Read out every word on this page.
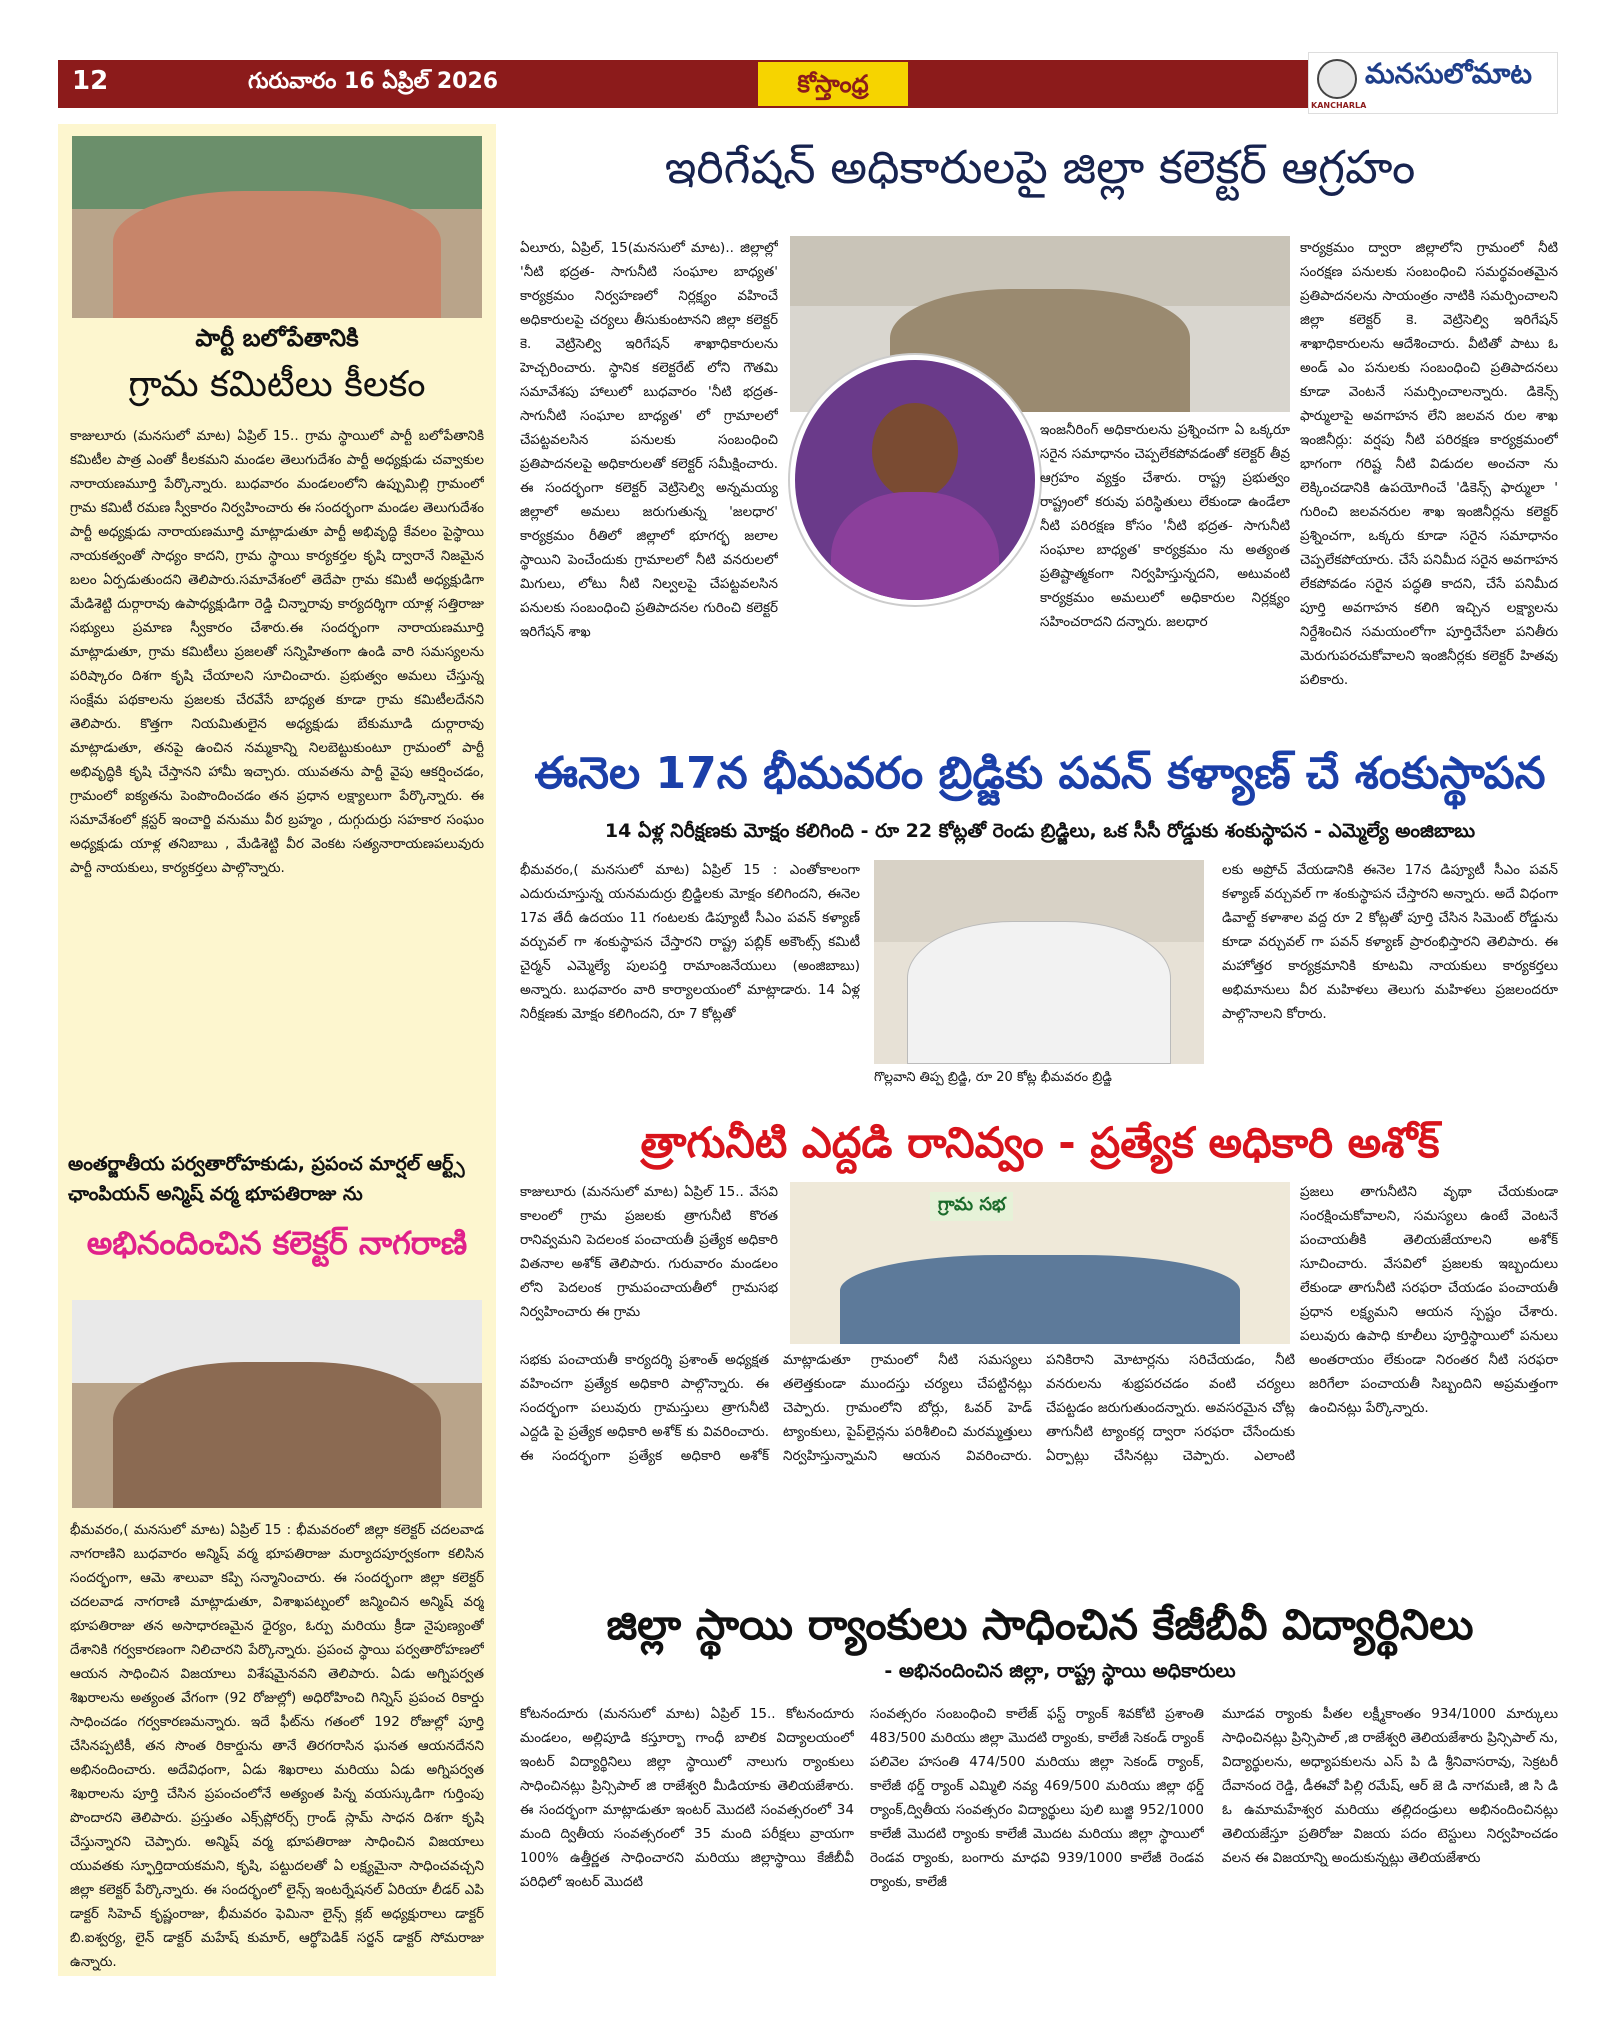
12	గురువారం 16 ఏప్రిల్ 2026	కోస్తాంధ్ర
KANCHARLA
మనసులోమాట
పార్టీ బలోపేతానికి
గ్రామ కమిటీలు కీలకం
కాజులూరు (మనసులో మాట) ఏప్రిల్ 15.. గ్రామ స్థాయిలో పార్టీ బలోపేతానికి కమిటీల పాత్ర ఎంతో కీలకమని మండల తెలుగుదేశం పార్టీ అధ్యక్షుడు చవ్వాకుల నారాయణమూర్తి పేర్కొన్నారు. బుధవారం మండలంలోని ఉప్పుమిల్లి గ్రామంలో గ్రామ కమిటీ రమణ స్వీకారం నిర్వహించారు ఈ సందర్భంగా మండల తెలుగుదేశం పార్టీ అధ్యక్షుడు నారాయణమూర్తి మాట్లాడుతూ పార్టీ అభివృద్ధి కేవలం పైస్థాయి నాయకత్వంతో సాధ్యం కాదని, గ్రామ స్థాయి కార్యకర్తల కృషి ద్వారానే నిజమైన బలం ఏర్పడుతుందని తెలిపారు.సమావేశంలో తెదేపా గ్రామ కమిటీ అధ్యక్షుడిగా మేడిశెట్టి దుర్గారావు ఉపాధ్యక్షుడిగా రెడ్డి చిన్నారావు కార్యదర్శిగా యాళ్ల సత్తిరాజు సభ్యులు ప్రమాణ స్వీకారం చేశారు.ఈ సందర్భంగా నారాయణమూర్తి మాట్లాడుతూ, గ్రామ కమిటీలు ప్రజలతో సన్నిహితంగా ఉండి వారి సమస్యలను పరిష్కారం దిశగా కృషి చేయాలని సూచించారు. ప్రభుత్వం అమలు చేస్తున్న సంక్షేమ పథకాలను ప్రజలకు చేరవేసే బాధ్యత కూడా గ్రామ కమిటీలదేనని తెలిపారు. కొత్తగా నియమితులైన అధ్యక్షుడు బేకుమూడి దుర్గారావు మాట్లాడుతూ, తనపై ఉంచిన నమ్మకాన్ని నిలబెట్టుకుంటూ గ్రామంలో పార్టీ అభివృద్ధికి కృషి చేస్తానని హామీ ఇచ్చారు. యువతను పార్టీ వైపు ఆకర్షించడం, గ్రామంలో ఐక్యతను పెంపొందించడం తన ప్రధాన లక్ష్యాలుగా పేర్కొన్నారు. ఈ సమావేశంలో క్లస్టర్ ఇంచార్జి వనుము వీర బ్రహ్మం , దుగ్గుదుర్రు సహకార సంఘం అధ్యక్షుడు యాళ్ల తనిబాబు , మేడిశెట్టి వీర వెంకట సత్యనారాయణపలువురు పార్టీ నాయకులు, కార్యకర్తలు పాల్గొన్నారు.
అంతర్జాతీయ పర్వతారోహకుడు, ప్రపంచ మార్షల్ ఆర్ట్స్ ఛాంపియన్ అన్మిష్ వర్మ భూపతిరాజు ను
అభినందించిన కలెక్టర్ నాగరాణి
భీమవరం,( మనసులో మాట) ఏప్రిల్ 15 : భీమవరంలో జిల్లా కలెక్టర్ చదలవాడ నాగరాణిని బుధవారం అన్మిష్ వర్మ భూపతిరాజు మర్యాదపూర్వకంగా కలిసిన సందర్భంగా, ఆమె శాలువా కప్పి సన్మానించారు. ఈ సందర్భంగా జిల్లా కలెక్టర్ చదలవాడ నాగరాణి మాట్లాడుతూ, విశాఖపట్నంలో జన్మించిన అన్మిష్ వర్మ భూపతిరాజు తన అసాధారణమైన ధైర్యం, ఓర్పు మరియు క్రీడా నైపుణ్యంతో దేశానికి గర్వకారణంగా నిలిచారని పేర్కొన్నారు. ప్రపంచ స్థాయి పర్వతారోహణలో ఆయన సాధించిన విజయాలు విశేషమైనవని తెలిపారు. ఏడు అగ్నిపర్వత శిఖరాలను అత్యంత వేగంగా (92 రోజుల్లో) అధిరోహించి గిన్నిస్ ప్రపంచ రికార్డు సాధించడం గర్వకారణమన్నారు. ఇదే ఫీట్‌ను గతంలో 192 రోజుల్లో పూర్తి చేసినప్పటికీ, తన సొంత రికార్డును తానే తిరగరాసిన ఘనత ఆయనదేనని అభినందించారు. అదేవిధంగా, ఏడు శిఖరాలు మరియు ఏడు అగ్నిపర్వత శిఖరాలను పూర్తి చేసిన ప్రపంచంలోనే అత్యంత పిన్న వయస్కుడిగా గుర్తింపు పొందారని తెలిపారు. ప్రస్తుతం ఎక్స్‌ప్లోరర్స్ గ్రాండ్ స్లామ్ సాధన దిశగా కృషి చేస్తున్నారని చెప్పారు. అన్మిష్ వర్మ భూపతిరాజు సాధించిన విజయాలు యువతకు స్ఫూర్తిదాయకమని, కృషి, పట్టుదలతో ఏ లక్ష్యమైనా సాధించవచ్చని జిల్లా కలెక్టర్ పేర్కొన్నారు. ఈ సందర్భంలో లైన్స్ ఇంటర్నేషనల్ ఏరియా లీడర్ ఎపి డాక్టర్ సిహెచ్ కృష్ణంరాజు, భీమవరం ఫెమినా లైన్స్ క్లబ్ అధ్యక్షురాలు డాక్టర్ బి.ఐశ్వర్య, లైన్ డాక్టర్ మహేష్ కుమార్, ఆర్థోపెడిక్ సర్జన్ డాక్టర్ సోమరాజు ఉన్నారు.
ఇరిగేషన్ అధికారులపై జిల్లా కలెక్టర్ ఆగ్రహం
ఏలూరు, ఏప్రిల్, 15(మనసులో మాట).. జిల్లాల్లో 'నీటి భద్రత- సాగునీటి సంఘాల బాధ్యత' కార్యక్రమం నిర్వహణలో నిర్లక్ష్యం వహించే అధికారులపై చర్యలు తీసుకుంటానని జిల్లా కలెక్టర్ కె. వెట్రిసెల్వి ఇరిగేషన్ శాఖాధికారులను హెచ్చరించారు. స్థానిక కలెక్టరేట్ లోని గౌతమి సమావేశపు హాలులో బుధవారం 'నీటి భద్రత- సాగునీటి సంఘాల బాధ్యత' లో గ్రామాలలో చేపట్టవలసిన పనులకు సంబంధించి ప్రతిపాదనలపై అధికారులతో కలెక్టర్ సమీక్షించారు. ఈ సందర్భంగా కలెక్టర్ వెట్రిసెల్వి అన్నమయ్య జిల్లాలో అమలు జరుగుతున్న 'జలధార' కార్యక్రమం రీతిలో జిల్లాలో భూగర్భ జలాల స్థాయిని పెంచేందుకు గ్రామాలలో నీటి వనరులలో మిగులు, లోటు నీటి నిల్వలపై చేపట్టవలసిన పనులకు సంబంధించి ప్రతిపాదనల గురించి కలెక్టర్ ఇరిగేషన్ శాఖ
ఇంజనీరింగ్ అధికారులను ప్రశ్నించగా ఏ ఒక్కరూ సరైన సమాధానం చెప్పలేకపోవడంతో కలెక్టర్ తీవ్ర ఆగ్రహం వ్యక్తం చేశారు. రాష్ట్ర ప్రభుత్వం రాష్ట్రంలో కరువు పరిస్థితులు లేకుండా ఉండేలా నీటి పరిరక్షణ కోసం 'నీటి భద్రత- సాగునీటి సంఘాల బాధ్యత' కార్యక్రమం ను అత్యంత ప్రతిష్టాత్మకంగా నిర్వహిస్తున్నదని, అటువంటి కార్యక్రమం అమలులో అధికారుల నిర్లక్ష్యం సహించరాదని దన్నారు. జలధార
కార్యక్రమం ద్వారా జిల్లాలోని గ్రామంలో నీటి సంరక్షణ పనులకు సంబంధించి సమర్థవంతమైన ప్రతిపాదనలను సాయంత్రం నాటికి సమర్పించాలని జిల్లా కలెక్టర్ కె. వెట్రిసెల్వి ఇరిగేషన్ శాఖాధికారులను ఆదేశించారు. వీటితో పాటు ఓ అండ్ ఎం పనులకు సంబంధించి ప్రతిపాదనలు కూడా వెంటనే సమర్పించాలన్నారు. డికెన్స్ ఫార్ములాపై అవగాహన లేని జలవన రుల శాఖ ఇంజినీర్లు: వర్షపు నీటి పరిరక్షణ కార్యక్రమంలో భాగంగా గరిష్ట నీటి విడుదల అంచనా ను లెక్కించడానికి ఉపయోగించే 'డికెన్స్ ఫార్ములా ' గురించి జలవనరుల శాఖ ఇంజినీర్లను కలెక్టర్ ప్రశ్నించగా, ఒక్కరు కూడా సరైన సమాధానం చెప్పలేకపోయారు. చేసే పనిమీద సరైన అవగాహన లేకపోవడం సరైన పద్ధతి కాదని, చేసే పనిమీద పూర్తి అవగాహన కలిగి ఇచ్చిన లక్ష్యాలను నిర్దేశించిన సమయంలోగా పూర్తిచేసేలా పనితీరు మెరుగుపరచుకోవాలని ఇంజినీర్లకు కలెక్టర్ హితవు పలికారు.
ఈనెల 17న భీమవరం బ్రిడ్జికు పవన్ కళ్యాణ్ చే శంకుస్థాపన
14 ఏళ్ల నిరీక్షణకు మోక్షం కలిగింది - రూ 22 కోట్లతో రెండు బ్రిడ్జిలు, ఒక సీసీ రోడ్డుకు శంకుస్థాపన - ఎమ్మెల్యే అంజిబాబు
భీమవరం,( మనసులో మాట) ఏప్రిల్ 15 : ఎంతోకాలంగా ఎదురుచూస్తున్న యనమదుర్రు బ్రిడ్జిలకు మోక్షం కలిగిందని, ఈనెల 17వ తేదీ ఉదయం 11 గంటలకు డిప్యూటీ సీఎం పవన్ కళ్యాణ్ వర్చువల్ గా శంకుస్థాపన చేస్తారని రాష్ట్ర పబ్లిక్ అకౌంట్స్ కమిటీ చైర్మన్ ఎమ్మెల్యే పులపర్తి రామాంజనేయులు (అంజిబాబు) అన్నారు. బుధవారం వారి కార్యాలయంలో మాట్లాడారు. 14 ఏళ్ల నిరీక్షణకు మోక్షం కలిగిందని, రూ 7 కోట్లతో
గొల్లవాని తిప్ప బ్రిడ్జి, రూ 20 కోట్ల భీమవరం బ్రిడ్జి
లకు అప్రోచ్ వేయడానికి ఈనెల 17న డిప్యూటీ సీఎం పవన్ కళ్యాణ్ వర్చువల్ గా శంకుస్థాపన చేస్తారని అన్నారు. అదే విధంగా డివాల్ట్ కళాశాల వద్ద రూ 2 కోట్లతో పూర్తి చేసిన సిమెంట్ రోడ్డును కూడా వర్చువల్ గా పవన్ కళ్యాణ్ ప్రారంభిస్తారని తెలిపారు. ఈ మహోత్తర కార్యక్రమానికి కూటమి నాయకులు కార్యకర్తలు అభిమానులు వీర మహిళలు తెలుగు మహిళలు ప్రజలందరూ పాల్గొనాలని కోరారు.
త్రాగునీటి ఎద్దడి రానివ్వం - ప్రత్యేక అధికారి అశోక్
కాజులూరు (మనసులో మాట) ఏప్రిల్ 15.. వేసవి కాలంలో గ్రామ ప్రజలకు త్రాగునీటి కొరత రానివ్వమని పెదలంక పంచాయతీ ప్రత్యేక అధికారి వితనాల అశోక్ తెలిపారు. గురువారం మండలం లోని పెదలంక గ్రామపంచాయతీలో గ్రామసభ నిర్వహించారు ఈ గ్రామ
గ్రామ సభ
సభకు పంచాయతీ కార్యదర్శి ప్రశాంత్ అధ్యక్షత వహించగా ప్రత్యేక అధికారి పాల్గొన్నారు. ఈ సందర్భంగా పలువురు గ్రామస్తులు త్రాగునీటి ఎద్దడి పై ప్రత్యేక అధికారి అశోక్ కు వివరించారు. ఈ సందర్భంగా ప్రత్యేక అధికారి అశోక్ మాట్లాడుతూ గ్రామంలో నీటి సమస్యలు తలెత్తకుండా ముందస్తు చర్యలు చేపట్టినట్లు చెప్పారు. గ్రామంలోని బోర్లు, ఓవర్ హెడ్ ట్యాంకులు, పైప్‌లైన్లను పరిశీలించి మరమ్మత్తులు నిర్వహిస్తున్నామని ఆయన వివరించారు. పనికిరాని మోటార్లను సరిచేయడం, నీటి వనరులను శుభ్రపరచడం వంటి చర్యలు చేపట్టడం జరుగుతుందన్నారు. అవసరమైన చోట్ల తాగునీటి ట్యాంకర్ల ద్వారా సరఫరా చేసేందుకు ఏర్పాట్లు చేసినట్లు చెప్పారు. ఎలాంటి అంతరాయం లేకుండా నిరంతర నీటి సరఫరా జరిగేలా పంచాయతీ సిబ్బందిని అప్రమత్తంగా ఉంచినట్లు పేర్కొన్నారు.
ప్రజలు తాగునీటిని వృథా చేయకుండా సంరక్షించుకోవాలని, సమస్యలు ఉంటే వెంటనే పంచాయతీకి తెలియజేయాలని అశోక్ సూచించారు. వేసవిలో ప్రజలకు ఇబ్బందులు లేకుండా తాగునీటి సరఫరా చేయడం పంచాయతీ ప్రధాన లక్ష్యమని ఆయన స్పష్టం చేశారు. పలువురు ఉపాధి కూలీలు పూర్తిస్థాయిలో పనులు
జిల్లా స్థాయి ర్యాంకులు సాధించిన కేజీబీవీ విద్యార్థినిలు
- అభినందించిన జిల్లా, రాష్ట్ర స్థాయి అధికారులు
కోటనందూరు (మనసులో మాట) ఏప్రిల్ 15.. కోటనందూరు మండలం, అల్లిపూడి కస్తూర్బా గాంధీ బాలిక విద్యాలయంలో ఇంటర్ విద్యార్థినిలు జిల్లా స్థాయిలో నాలుగు ర్యాంకులు సాధించినట్లు ప్రిన్సిపాల్ జి రాజేశ్వరి మీడియాకు తెలియజేశారు. ఈ సందర్భంగా మాట్లాడుతూ ఇంటర్ మొదటి సంవత్సరంలో 34 మంది ద్వితీయ సంవత్సరంలో 35 మంది పరీక్షలు వ్రాయగా 100% ఉత్తీర్ణత సాధించారని మరియు జిల్లాస్థాయి కేజీబీవీ పరిధిలో ఇంటర్ మొదటి
సంవత్సరం సంబంధించి కాలేజ్ ఫస్ట్ ర్యాంక్ శివకోటి ప్రశాంతి 483/500 మరియు జిల్లా మొదటి ర్యాంకు, కాలేజీ సెకండ్ ర్యాంక్ పలివెల హసంతి 474/500 మరియు జిల్లా సెకండ్ ర్యాంక్, కాలేజీ థర్డ్ ర్యాంక్ ఎమ్మిలి నవ్య 469/500 మరియు జిల్లా థర్డ్ ర్యాంక్,ద్వితీయ సంవత్సరం విద్యార్థులు పులి బుజ్జి 952/1000 కాలేజీ మొదటి ర్యాంకు కాలేజీ మొదట మరియు జిల్లా స్థాయిలో రెండవ ర్యాంకు, బంగారు మాధవి 939/1000 కాలేజీ రెండవ ర్యాంకు, కాలేజీ
మూడవ ర్యాంకు పీతల లక్ష్మీకాంతం 934/1000 మార్కులు సాధించినట్లు ప్రిన్సిపాల్ ,జి రాజేశ్వరి తెలియజేశారు ప్రిన్సిపాల్ ను, విద్యార్థులను, అధ్యాపకులను ఎస్ పి డి శ్రీనివాసరావు, సెక్రటరీ దేవానంద రెడ్డి, డీఈవో పిల్లి రమేష్, ఆర్ జె డి నాగమణి, జి సి డి ఓ ఉమామహేశ్వర మరియు తల్లిదండ్రులు అభినందించినట్లు తెలియజేస్తూ ప్రతిరోజు విజయ పదం టెస్టులు నిర్వహించడం వలన ఈ విజయాన్ని అందుకున్నట్లు తెలియజేశారు
